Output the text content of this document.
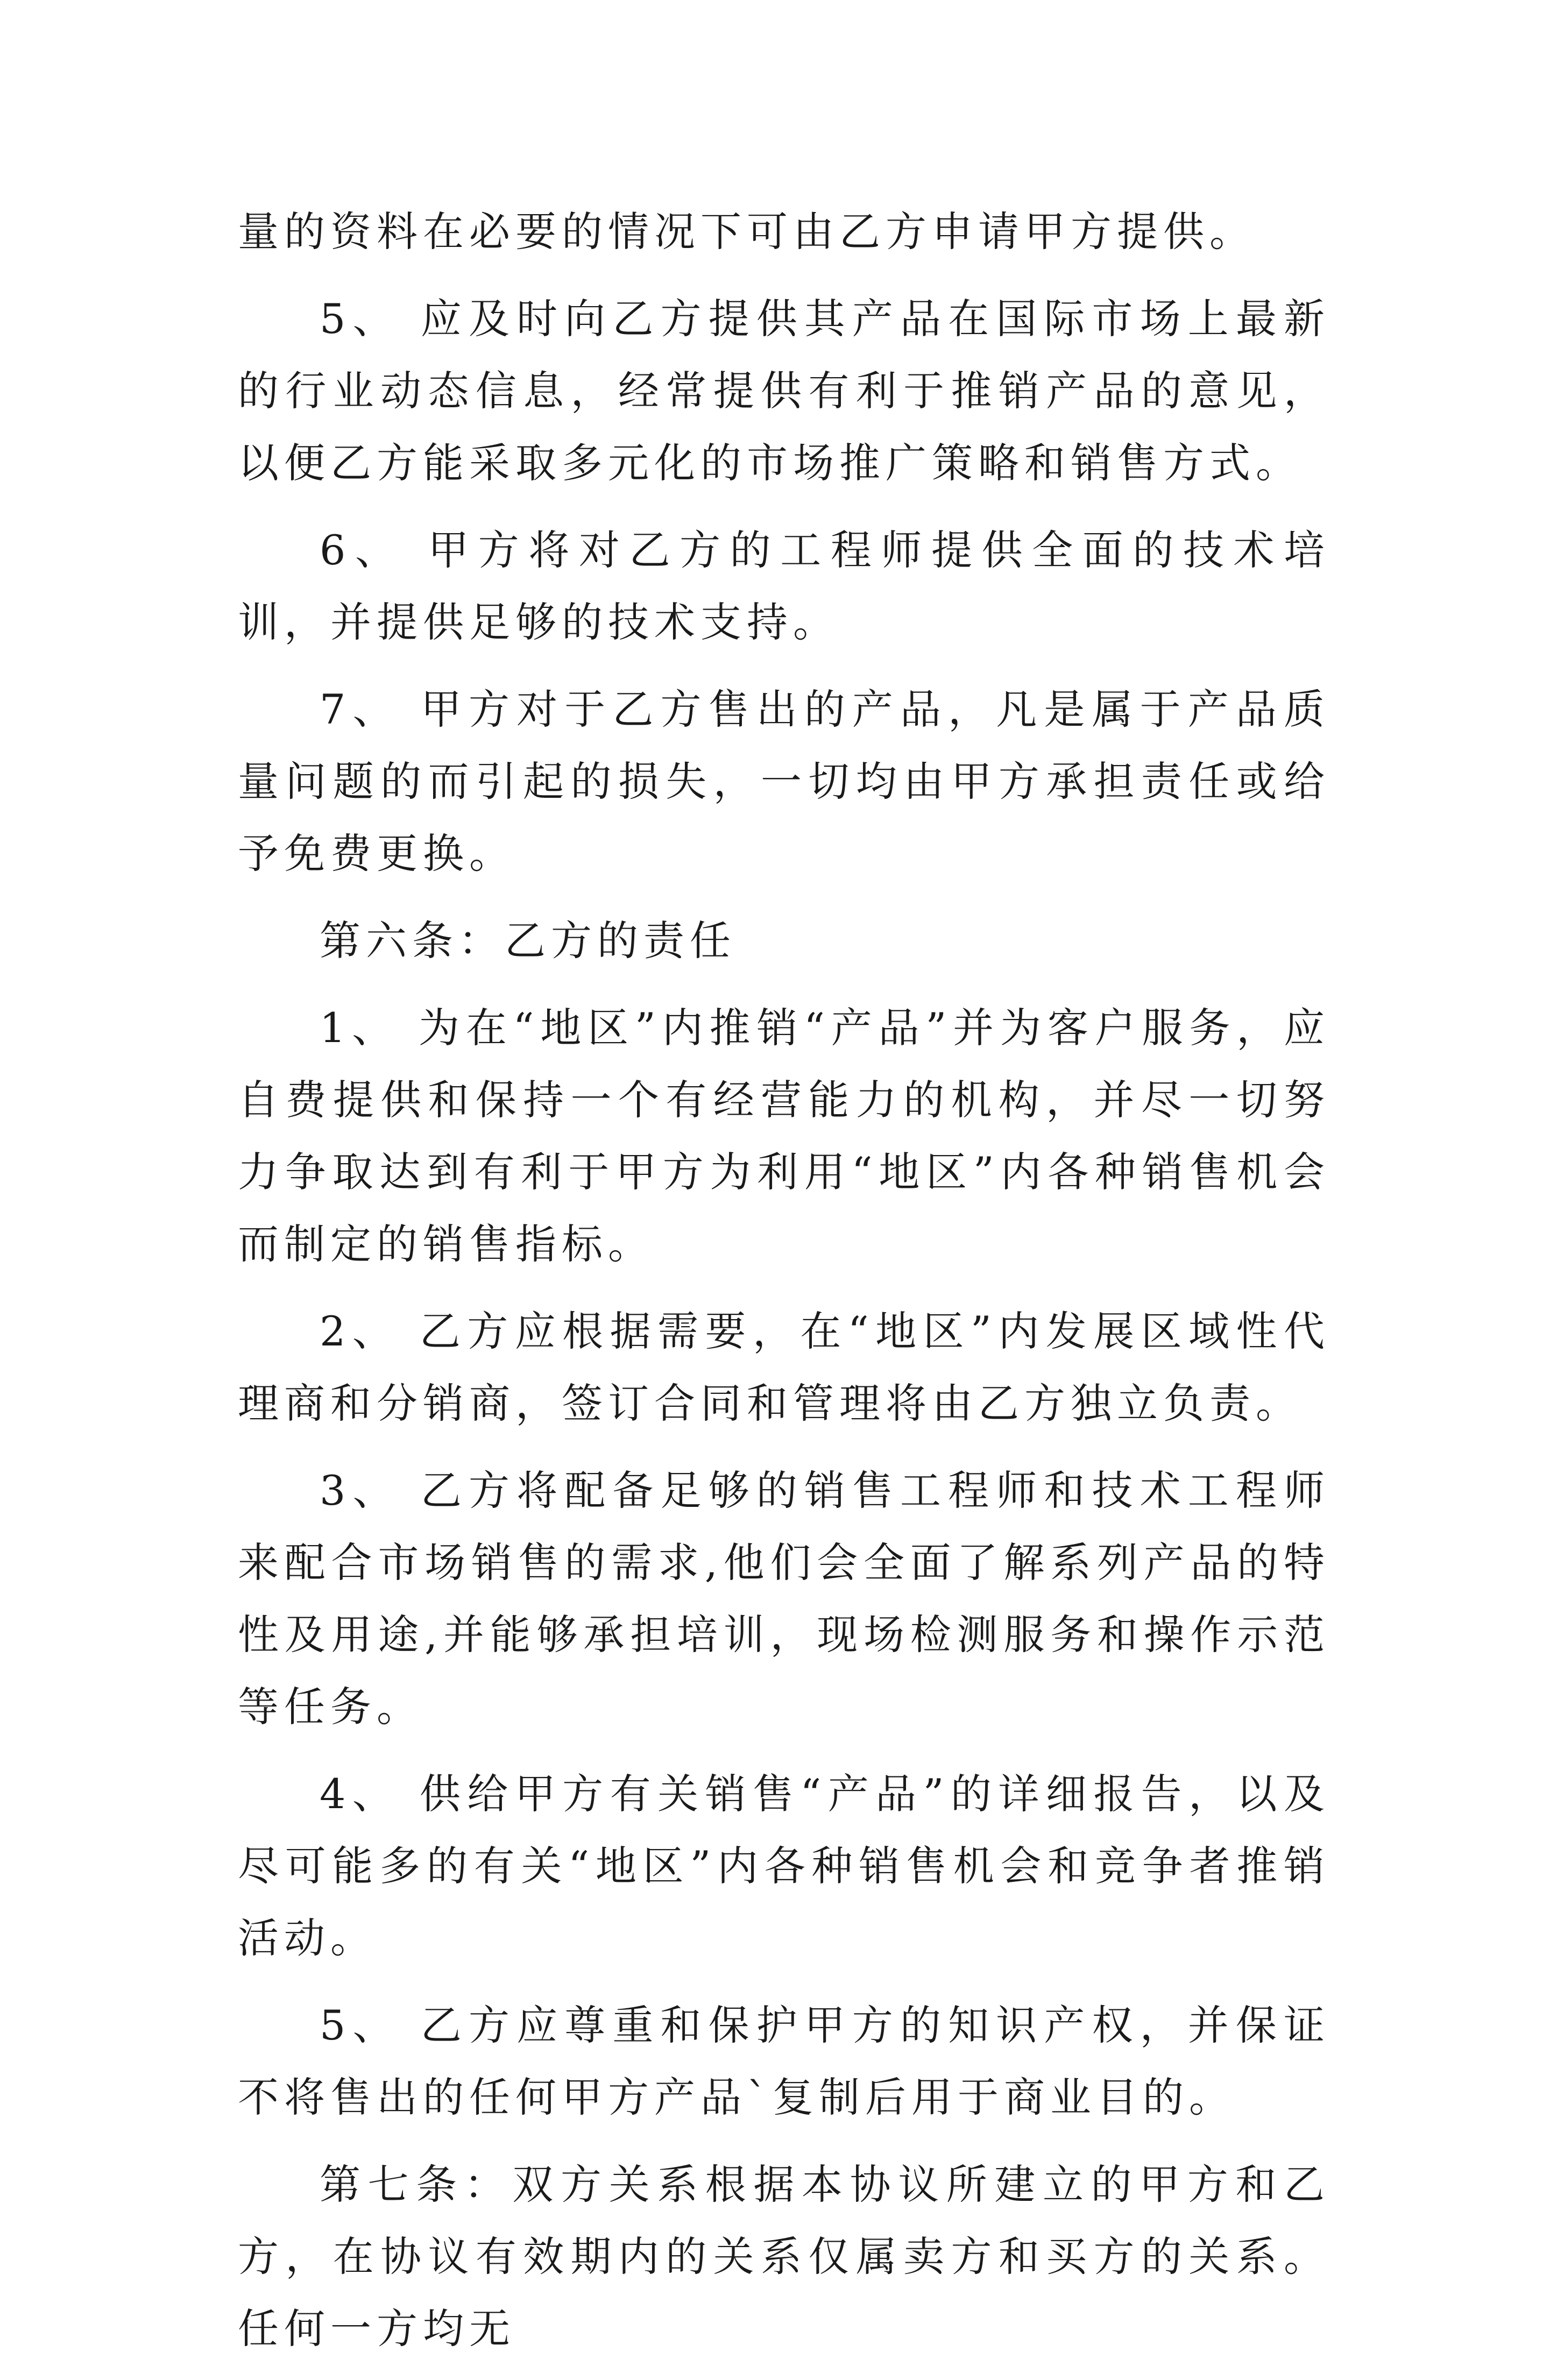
量的资料在必要的情况下可由乙方申请甲方提供。

5、 应及时向乙方提供其产品在国际市场上最新的行业动态信息，经常提供有利于推销产品的意见，以便乙方能采取多元化的市场推广策略和销售方式。

6、 甲方将对乙方的工程师提供全面的技术培训，并提供足够的技术支持。

7、 甲方对于乙方售出的产品，凡是属于产品质量问题的而引起的损失，一切均由甲方承担责任或给予免费更换。

第六条：乙方的责任

1、 为在“地区”内推销“产品”并为客户服务，应自费提供和保持一个有经营能力的机构，并尽一切努力争取达到有利于甲方为利用“地区”内各种销售机会而制定的销售指标。

2、 乙方应根据需要，在“地区”内发展区域性代理商和分销商，签订合同和管理将由乙方独立负责。

3、 乙方将配备足够的销售工程师和技术工程师来配合市场销售的需求,他们会全面了解系列产品的特性及用途,并能够承担培训，现场检测服务和操作示范等任务。

4、 供给甲方有关销售“产品”的详细报告，以及尽可能多的有关“地区”内各种销售机会和竞争者推销活动。

5、 乙方应尊重和保护甲方的知识产权，并保证不将售出的任何甲方产品`复制后用于商业目的。

第七条：双方关系根据本协议所建立的甲方和乙方，在协议有效期内的关系仅属卖方和买方的关系。任何一方均无
